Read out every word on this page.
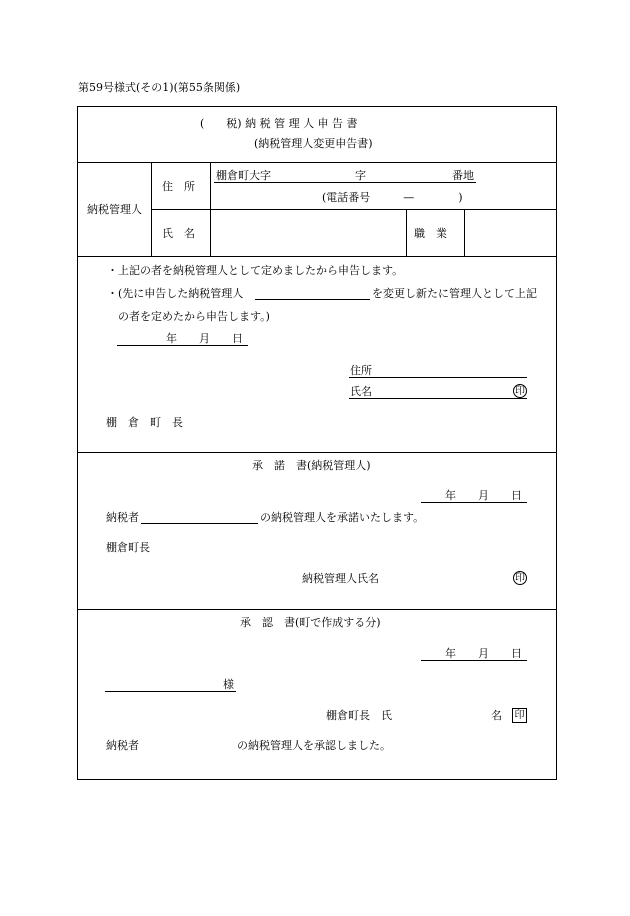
第59号様式(その1)(第55条関係)
(　　税) 納 税 管 理 人 申 告 書
(納税管理人変更申告書)
納税管理人
住　所
棚倉町大字	字	番地
(電話番号　　　—　　　　)
氏　名	職　業
・上記の者を納税管理人として定めましたから申告します。
・(先に申告した納税管理人	を変更し新たに管理人として上記
の者を定めたから申告します。)
年　　月　　日
住所
氏名	印
棚　倉　町　長
承　諾　書(納税管理人)
年　　月　　日
納税者	の納税管理人を承諾いたします。
棚倉町長
納税管理人氏名	印
承　認　書(町で作成する分)
年　　月　　日
様
棚倉町長　氏	名 印
納税者	の納税管理人を承認しました。
